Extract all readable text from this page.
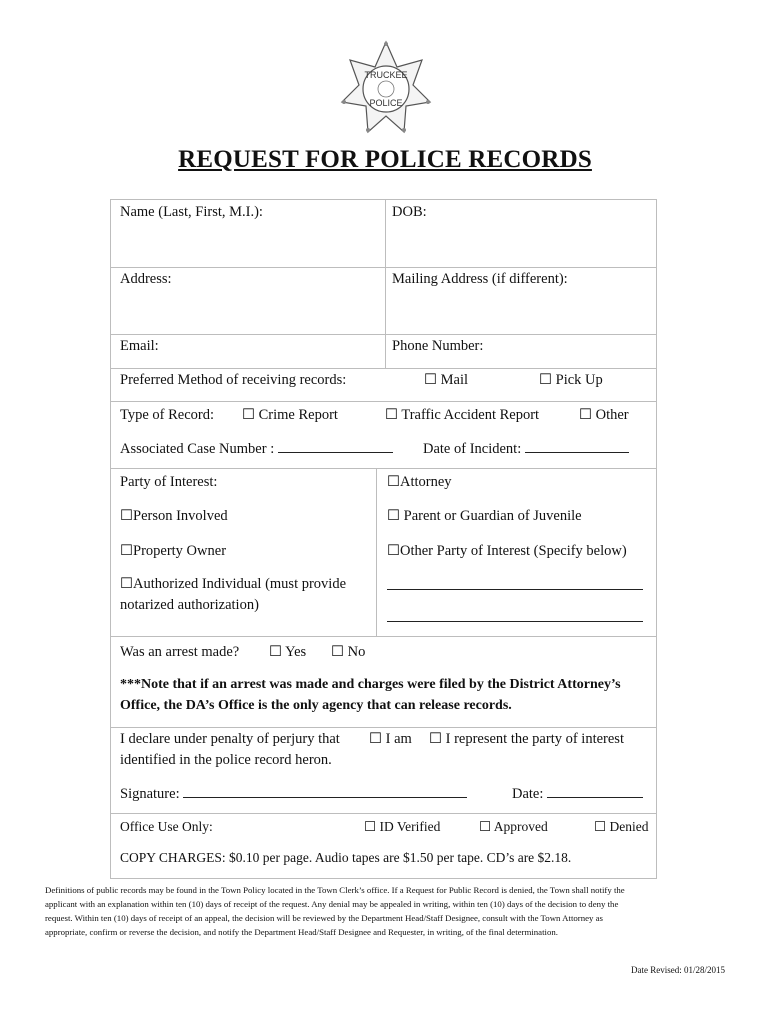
TRUCKEE
POLICE
REQUEST FOR POLICE RECORDS
Name (Last, First, M.I.):	DOB:
Address:	Mailing Address (if different):
Email:	Phone Number:
Preferred Method of receiving records:	☐ Mail	☐ Pick Up
Type of Record: ☐ Crime Report	☐ Traffic Accident Report	☐ Other
Associated Case Number :	Date of Incident:
Party of Interest:	☐Attorney
☐Person Involved	☐ Parent or Guardian of Juvenile
☐Property Owner	☐Other Party of Interest (Specify below)
☐Authorized Individual (must provide
notarized authorization)
Was an arrest made? ☐ Yes ☐ No
***Note that if an arrest was made and charges were filed by the District Attorney’s
Office, the DA’s Office is the only agency that can release records.
I declare under penalty of perjury that ☐ I am ☐ I represent the party of interest
identified in the police record heron.
Signature:	Date:
Office Use Only:	☐ ID Verified	☐ Approved	☐ Denied
COPY CHARGES: $0.10 per page. Audio tapes are $1.50 per tape. CD’s are $2.18.
Definitions of public records may be found in the Town Policy located in the Town Clerk’s office. If a Request for Public Record is denied, the Town shall notify the
applicant with an explanation within ten (10) days of receipt of the request. Any denial may be appealed in writing, within ten (10) days of the decision to deny the
request. Within ten (10) days of receipt of an appeal, the decision will be reviewed by the Department Head/Staff Designee, consult with the Town Attorney as
appropriate, confirm or reverse the decision, and notify the Department Head/Staff Designee and Requester, in writing, of the final determination.
Date Revised: 01/28/2015
